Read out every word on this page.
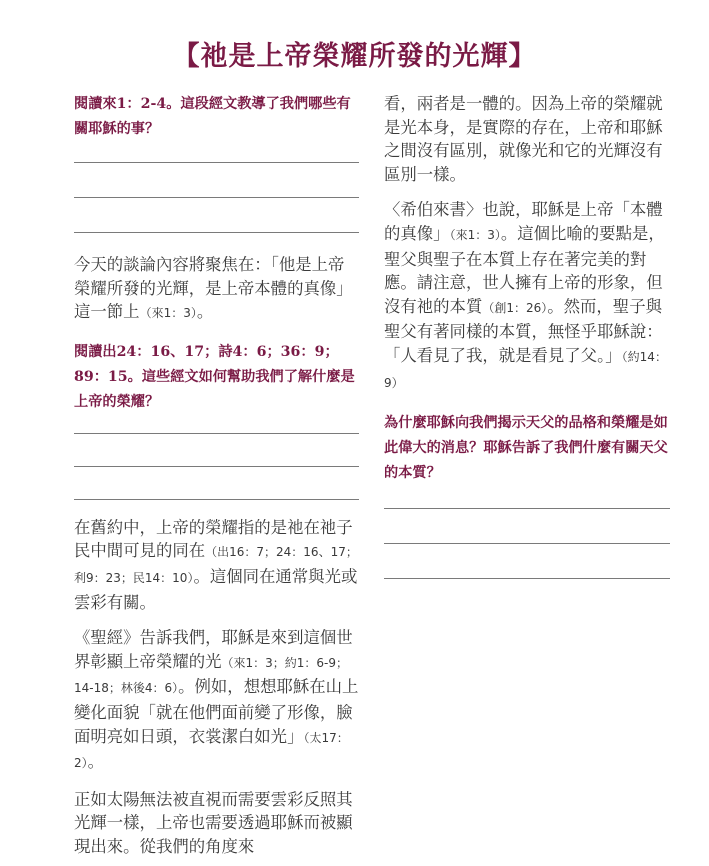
【祂是上帝榮耀所發的光輝】

閱讀來1：2-4。這段經文教導了我們哪些有關耶穌的事？

今天的談論內容將聚焦在：「他是上帝榮耀所發的光輝，是上帝本體的真像」這一節上（來1：3）。

閱讀出24：16、17；詩4：6；36：9；89：15。這些經文如何幫助我們了解什麼是上帝的榮耀？

在舊約中，上帝的榮耀指的是祂在祂子民中間可見的同在（出16：7；24：16、17；利9：23；民14：10）。這個同在通常與光或雲彩有關。

《聖經》告訴我們，耶穌是來到這個世界彰顯上帝榮耀的光（來1：3；約1：6-9；14-18；林後4：6）。例如，想想耶穌在山上變化面貌「就在他們面前變了形像，臉面明亮如日頭，衣裳潔白如光」（太17：2）。

正如太陽無法被直視而需要雲彩反照其光輝一樣，上帝也需要透過耶穌而被顯現出來。從我們的角度來

看，兩者是一體的。因為上帝的榮耀就是光本身，是實際的存在，上帝和耶穌之間沒有區別，就像光和它的光輝沒有區別一樣。

〈希伯來書〉也說，耶穌是上帝「本體的真像」（來1：3）。這個比喻的要點是，聖父與聖子在本質上存在著完美的對應。請注意，世人擁有上帝的形象，但沒有祂的本質（創1：26）。然而，聖子與聖父有著同樣的本質，無怪乎耶穌說：「人看見了我，就是看見了父。」（約14：9）

為什麼耶穌向我們揭示天父的品格和榮耀是如此偉大的消息？耶穌告訴了我們什麼有關天父的本質？
